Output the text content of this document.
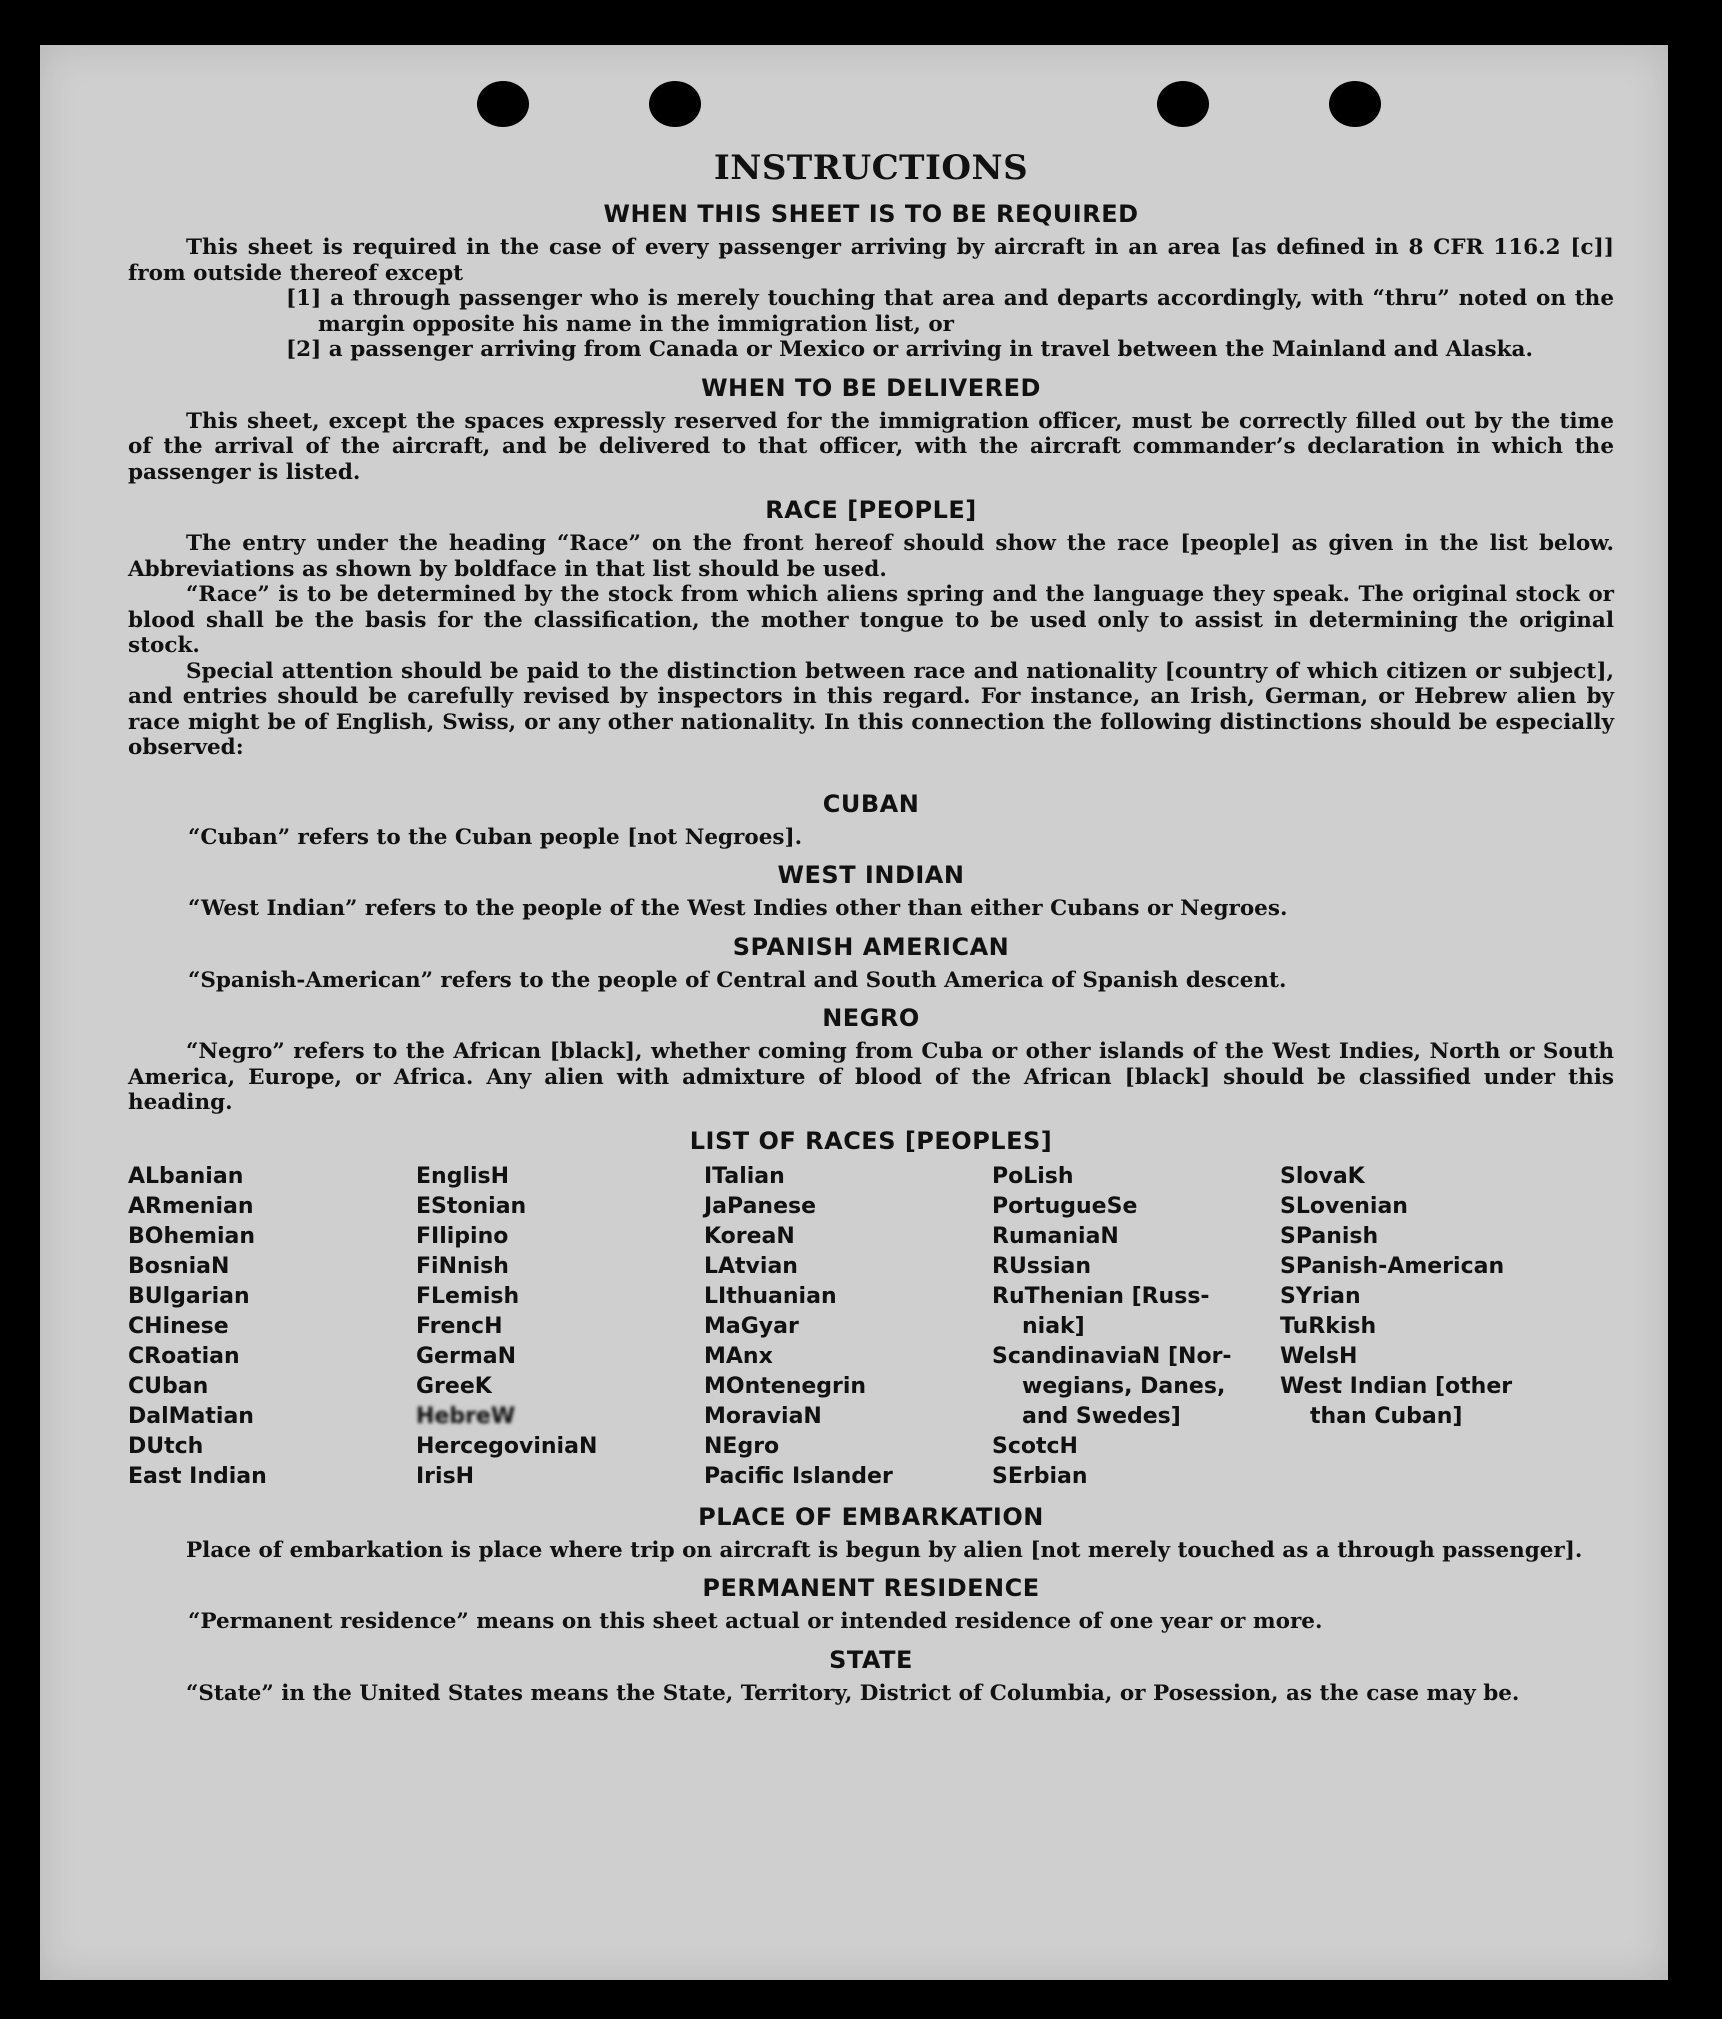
INSTRUCTIONS
WHEN THIS SHEET IS TO BE REQUIRED

This sheet is required in the case of every passenger arriving by aircraft in an area [as defined in 8 CFR 116.2 [c]] from outside thereof except

[1] a through passenger who is merely touching that area and departs accordingly, with “thru” noted on the margin opposite his name in the immigration list, or

[2] a passenger arriving from Canada or Mexico or arriving in travel between the Mainland and Alaska.

WHEN TO BE DELIVERED

This sheet, except the spaces expressly reserved for the immigration officer, must be correctly filled out by the time of the arrival of the aircraft, and be delivered to that officer, with the aircraft commander’s declaration in which the passenger is listed.

RACE [PEOPLE]

The entry under the heading “Race” on the front hereof should show the race [people] as given in the list below. Abbreviations as shown by boldface in that list should be used.

“Race” is to be determined by the stock from which aliens spring and the language they speak. The original stock or blood shall be the basis for the classification, the mother tongue to be used only to assist in determining the original stock.

Special attention should be paid to the distinction between race and nationality [country of which citizen or subject], and entries should be carefully revised by inspectors in this regard. For instance, an Irish, German, or Hebrew alien by race might be of English, Swiss, or any other nationality. In this connection the following distinctions should be especially observed:

CUBAN

“Cuban” refers to the Cuban people [not Negroes].

WEST INDIAN

“West Indian” refers to the people of the West Indies other than either Cubans or Negroes.

SPANISH AMERICAN

“Spanish-American” refers to the people of Central and South America of Spanish descent.

NEGRO

“Negro” refers to the African [black], whether coming from Cuba or other islands of the West Indies, North or South America, Europe, or Africa. Any alien with admixture of blood of the African [black] should be classified under this heading.

LIST OF RACES [PEOPLES]
ALbanian
ARmenian
BOhemian
BosniaN
BUlgarian
CHinese
CRoatian
CUban
DalMatian
DUtch
East Indian
EnglisH
EStonian
FIlipino
FiNnish
FLemish
FrencH
GermaN
GreeK
HebreW
HercegoviniaN
IrisH
ITalian
JaPanese
KoreaN
LAtvian
LIthuanian
MaGyar
MAnx
MOntenegrin
MoraviaN
NEgro
Pacific Islander
PoLish
PortugueSe
RumaniaN
RUssian
RuThenian [Russ-
niak]
ScandinaviaN [Nor-
wegians, Danes,
and Swedes]
ScotcH
SErbian
SlovaK
SLovenian
SPanish
SPanish-American
SYrian
TuRkish
WelsH
West Indian [other
than Cuban]
PLACE OF EMBARKATION

Place of embarkation is place where trip on aircraft is begun by alien [not merely touched as a through passenger].

PERMANENT RESIDENCE

“Permanent residence” means on this sheet actual or intended residence of one year or more.

STATE

“State” in the United States means the State, Territory, District of Columbia, or Posession, as the case may be.
